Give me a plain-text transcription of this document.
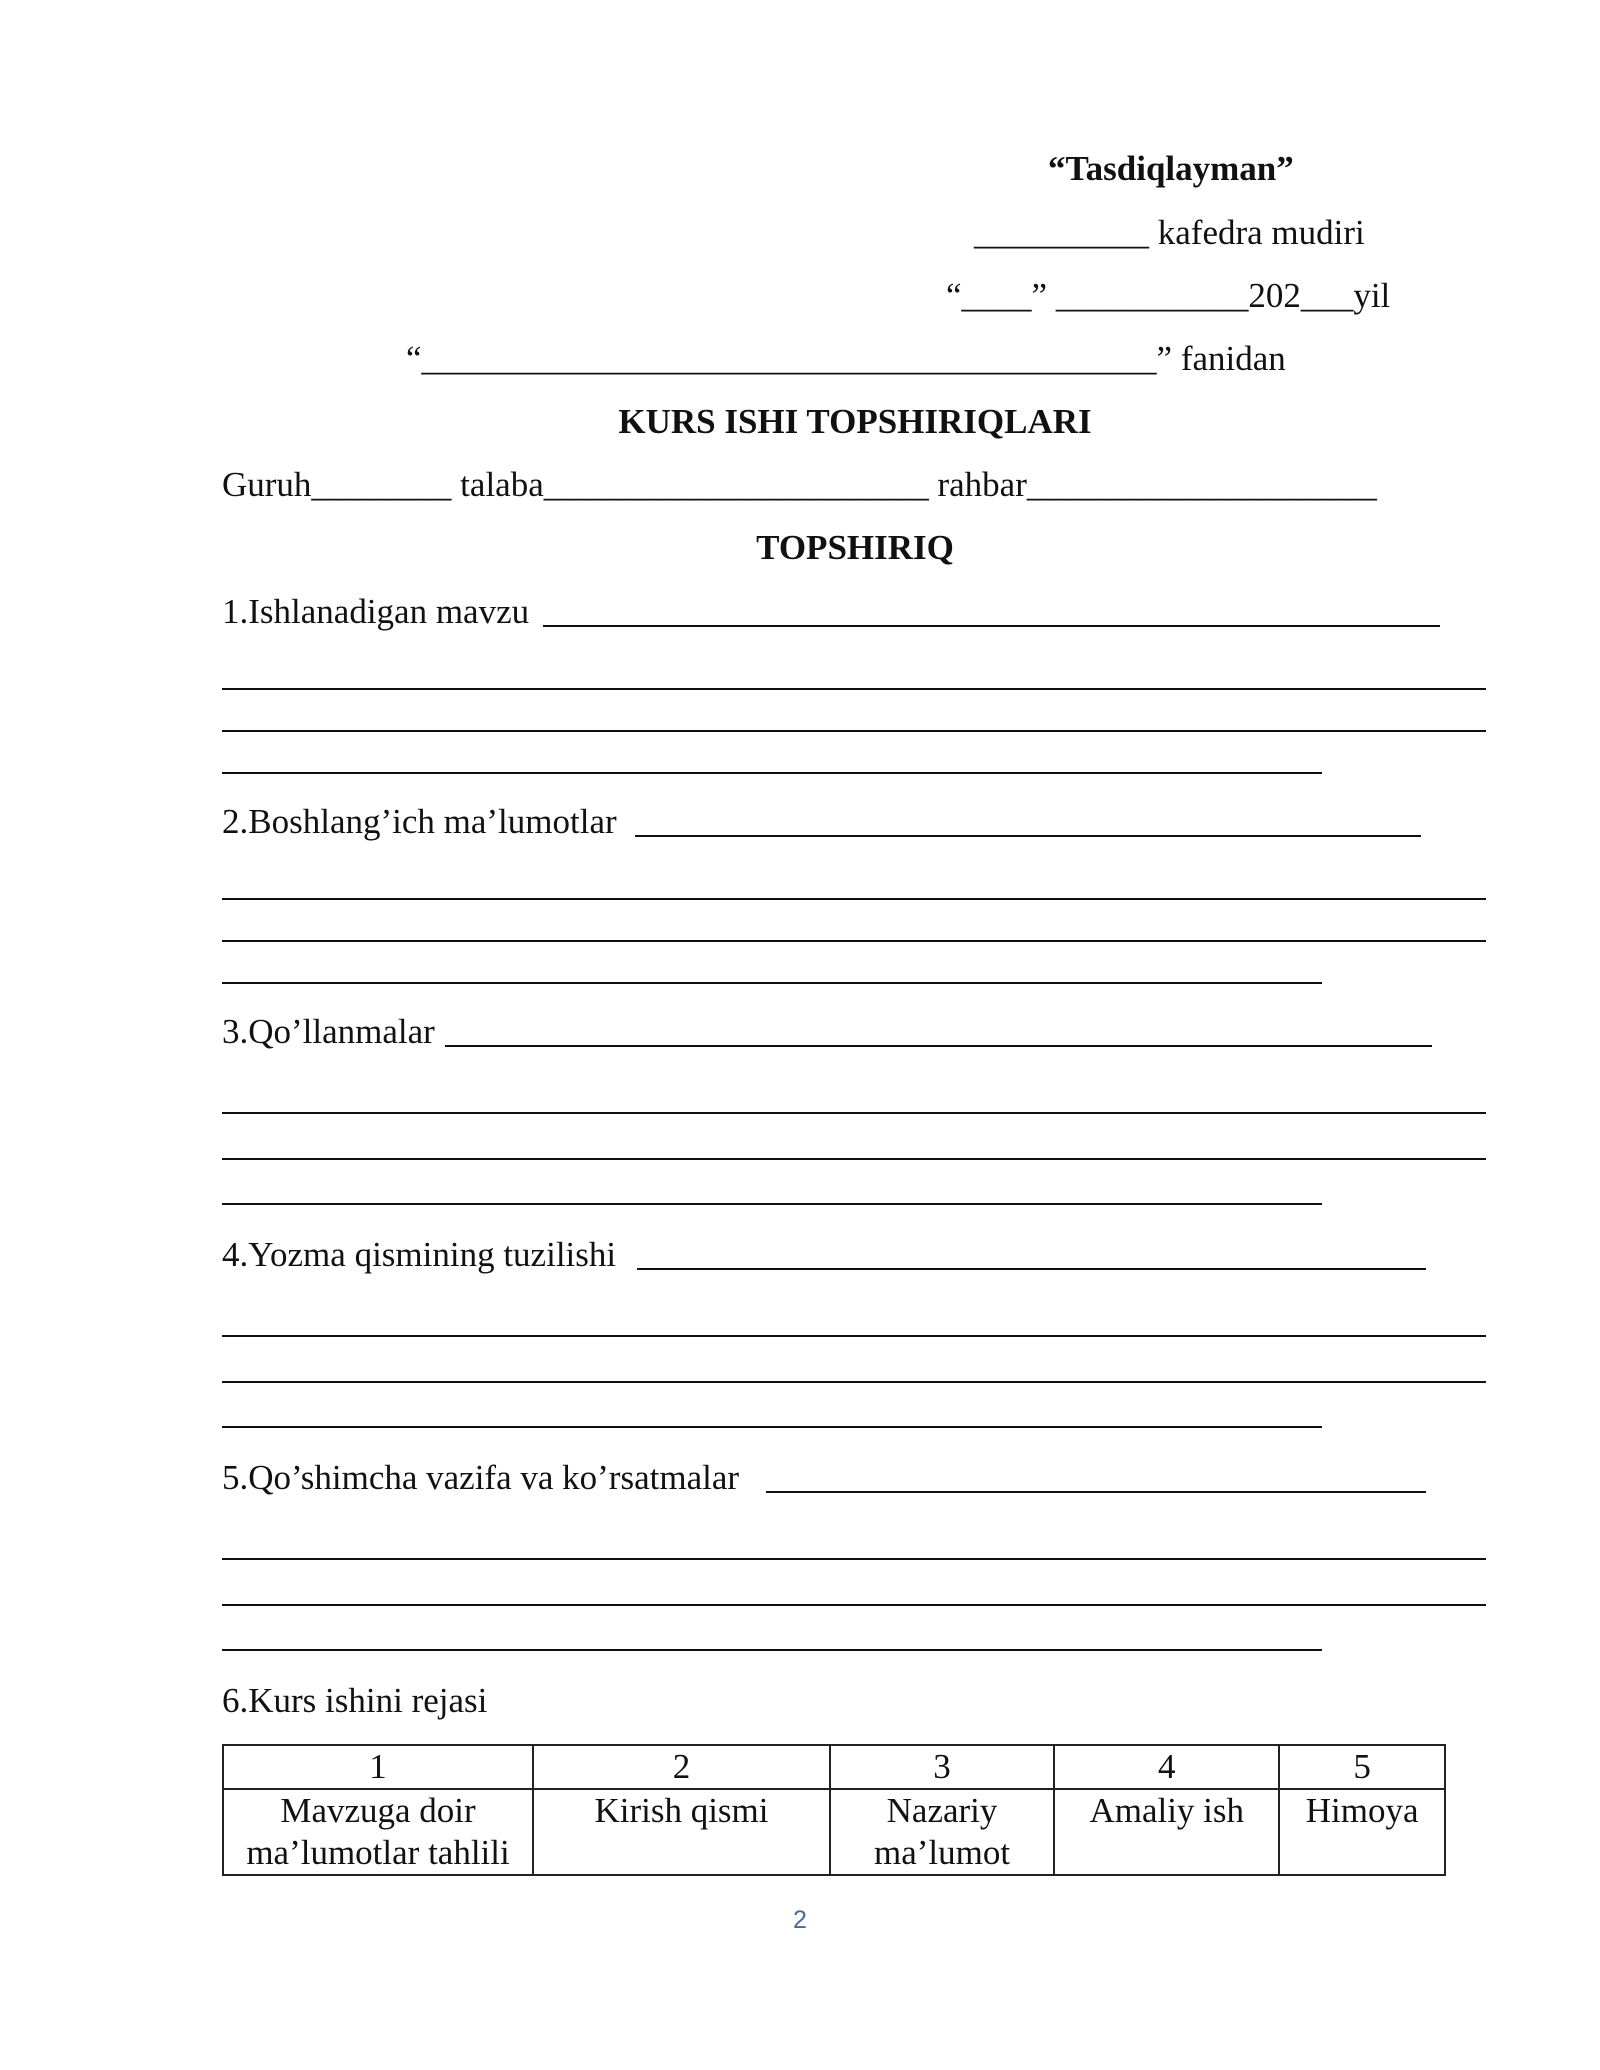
“Tasdiqlayman”
__________ kafedra mudiri
“____” ___________202___yil
“__________________________________________” fanidan
KURS ISHI TOPSHIRIQLARI
Guruh________ talaba______________________ rahbar____________________
TOPSHIRIQ
1.Ishlanadigan mavzu
2.Boshlang’ich ma’lumotlar
3.Qo’llanmalar
4.Yozma qismining tuzilishi
5.Qo’shimcha vazifa va ko’rsatmalar
6.Kurs ishini rejasi
1	2	3	4	5
Mavzuga doir ma’lumotlar tahlili	Kirish qismi	Nazariy ma’lumot	Amaliy ish	Himoya
2
